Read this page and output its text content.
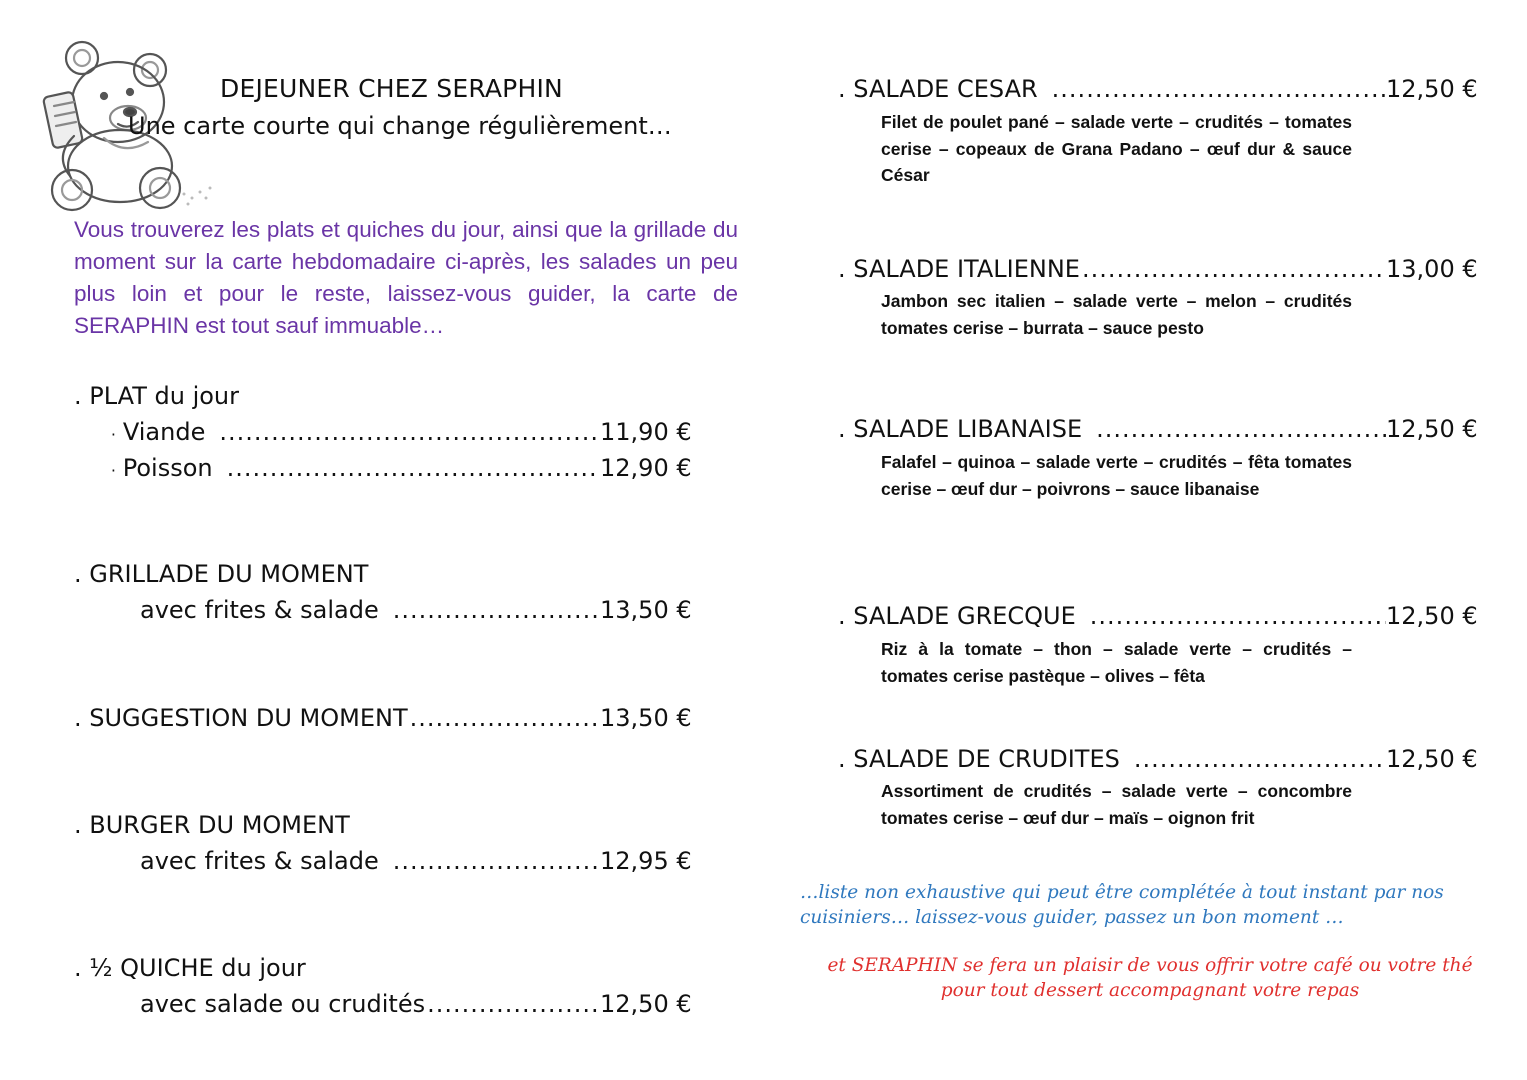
DEJEUNER CHEZ SERAPHIN
Une carte courte qui change régulièrement…
Vous trouverez les plats et quiches du jour, ainsi que la grillade du moment sur la carte hebdomadaire ci-après, les salades un peu plus loin et pour le reste, laissez-vous guider, la carte de SERAPHIN est tout sauf immuable…
. PLAT du jour
· Viande .....	11,90 €
· Poisson .....	12,90 €
. GRILLADE DU MOMENT
avec frites & salade .....	13,50 €
. SUGGESTION DU MOMENT .....	13,50 €
. BURGER DU MOMENT
avec frites & salade .....	12,95 €
. ½ QUICHE du jour
avec salade ou crudités .....	12,50 €
. SALADE CESAR .....	12,50 €
Filet de poulet pané – salade verte – crudités – tomates cerise – copeaux de Grana Padano – œuf dur & sauce César
. SALADE ITALIENNE .....	13,00 €
Jambon sec italien – salade verte – melon – crudités tomates cerise – burrata – sauce pesto
. SALADE LIBANAISE .....	12,50 €
Falafel – quinoa – salade verte – crudités – fêta tomates cerise – œuf dur – poivrons – sauce libanaise
. SALADE GRECQUE .....	12,50 €
Riz à la tomate – thon – salade verte – crudités – tomates cerise pastèque – olives – fêta
. SALADE DE CRUDITES .....	12,50 €
Assortiment de crudités – salade verte – concombre tomates cerise – œuf dur – maïs – oignon frit
…liste non exhaustive qui peut être complétée à tout instant par nos cuisiniers… laissez-vous guider, passez un bon moment …
et SERAPHIN se fera un plaisir de vous offrir votre café ou votre thé
pour tout dessert accompagnant votre repas
